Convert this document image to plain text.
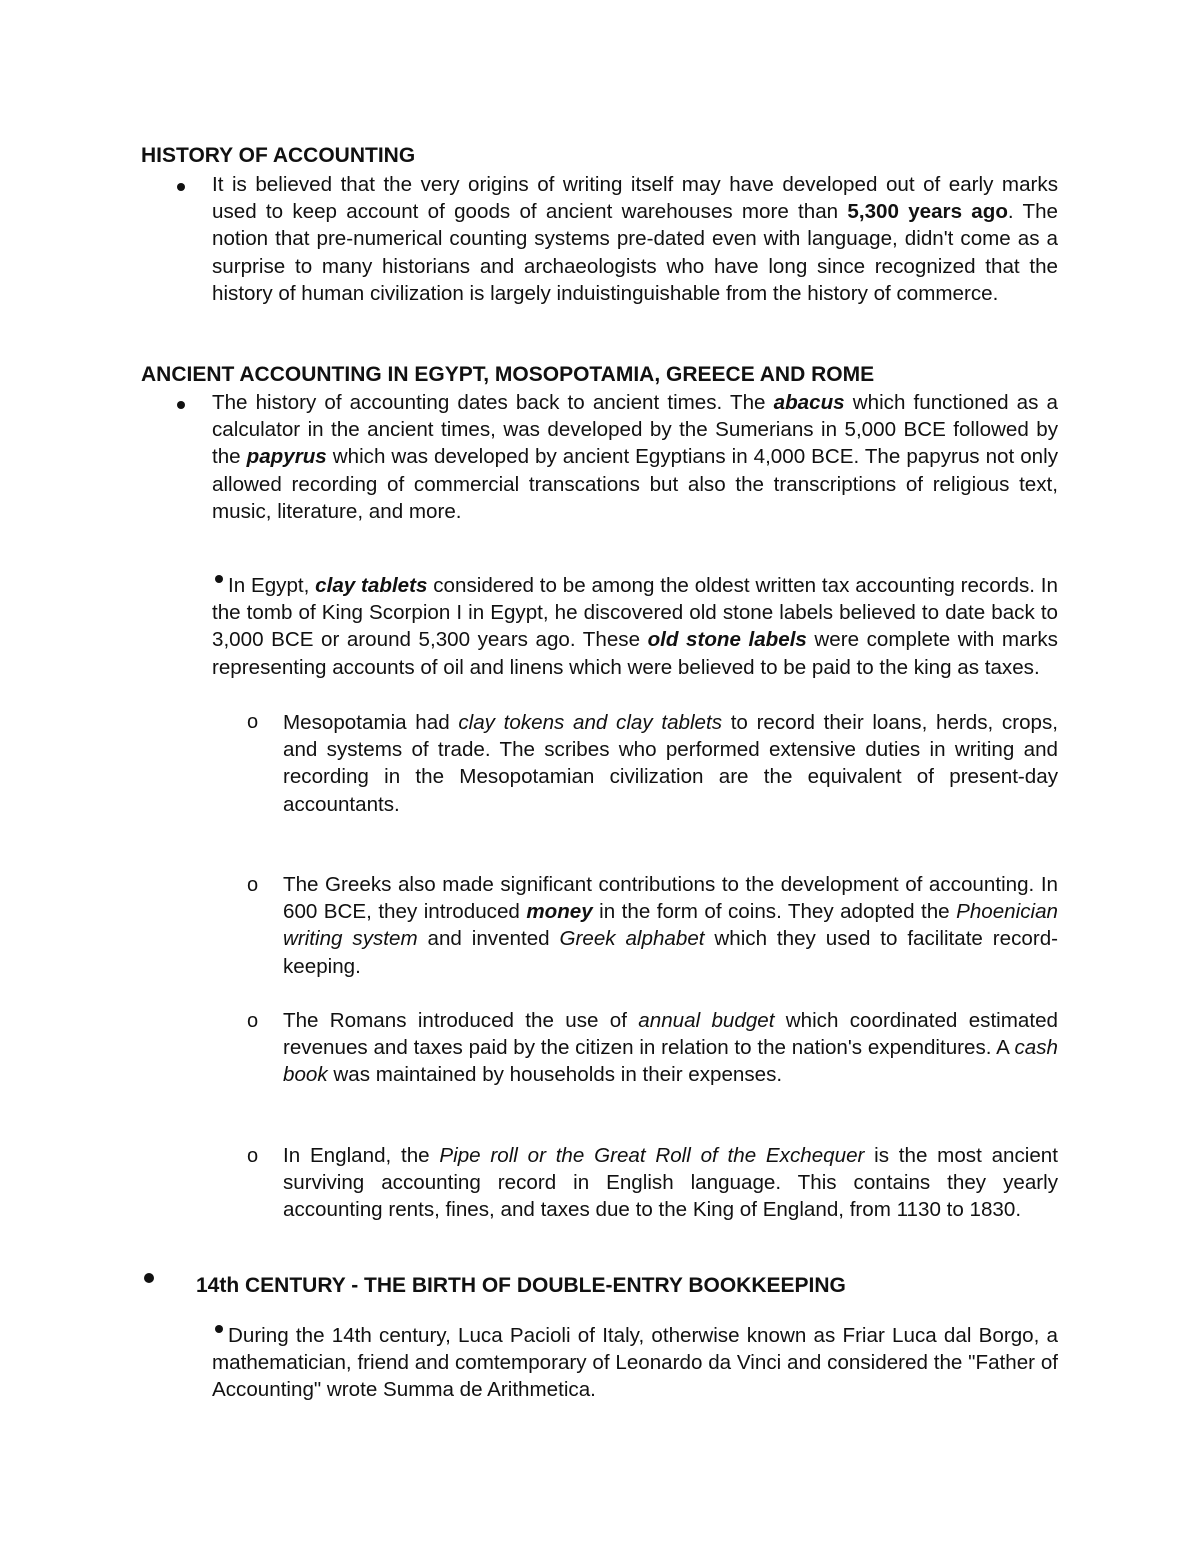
HISTORY OF ACCOUNTING

It is believed that the very origins of writing itself may have developed out of early marks used to keep account of goods of ancient warehouses more than 5,300 years ago. The notion that pre-numerical counting systems pre-dated even with language, didn't come as a surprise to many historians and archaeologists who have long since recognized that the history of human civilization is largely induistinguishable from the history of commerce.

ANCIENT ACCOUNTING IN EGYPT, MOSOPOTAMIA, GREECE AND ROME

The history of accounting dates back to ancient times. The abacus which functioned as a calculator in the ancient times, was developed by the Sumerians in 5,000 BCE followed by the papyrus which was developed by ancient Egyptians in 4,000 BCE. The papyrus not only allowed recording of commercial transcations but also the transcriptions of religious text, music, literature, and more.

In Egypt, clay tablets considered to be among the oldest written tax accounting records. In the tomb of King Scorpion I in Egypt, he discovered old stone labels believed to date back to 3,000 BCE or around 5,300 years ago. These old stone labels were complete with marks representing accounts of oil and linens which were believed to be paid to the king as taxes.

o	Mesopotamia had clay tokens and clay tablets to record their loans, herds, crops, and systems of trade. The scribes who performed extensive duties in writing and recording in the Mesopotamian civilization are the equivalent of present-day accountants.

o	The Greeks also made significant contributions to the development of accounting. In 600 BCE, they introduced money in the form of coins. They adopted the Phoenician writing system and invented Greek alphabet which they used to facilitate record-keeping.

o	The Romans introduced the use of annual budget which coordinated estimated revenues and taxes paid by the citizen in relation to the nation's expenditures. A cash book was maintained by households in their expenses.

o	In England, the Pipe roll or the Great Roll of the Exchequer is the most ancient surviving accounting record in English language. This contains they yearly accounting rents, fines, and taxes due to the King of England, from 1130 to 1830.

14th CENTURY - THE BIRTH OF DOUBLE-ENTRY BOOKKEEPING

During the 14th century, Luca Pacioli of Italy, otherwise known as Friar Luca dal Borgo, a mathematician, friend and comtemporary of Leonardo da Vinci and considered the "Father of Accounting" wrote Summa de Arithmetica.
